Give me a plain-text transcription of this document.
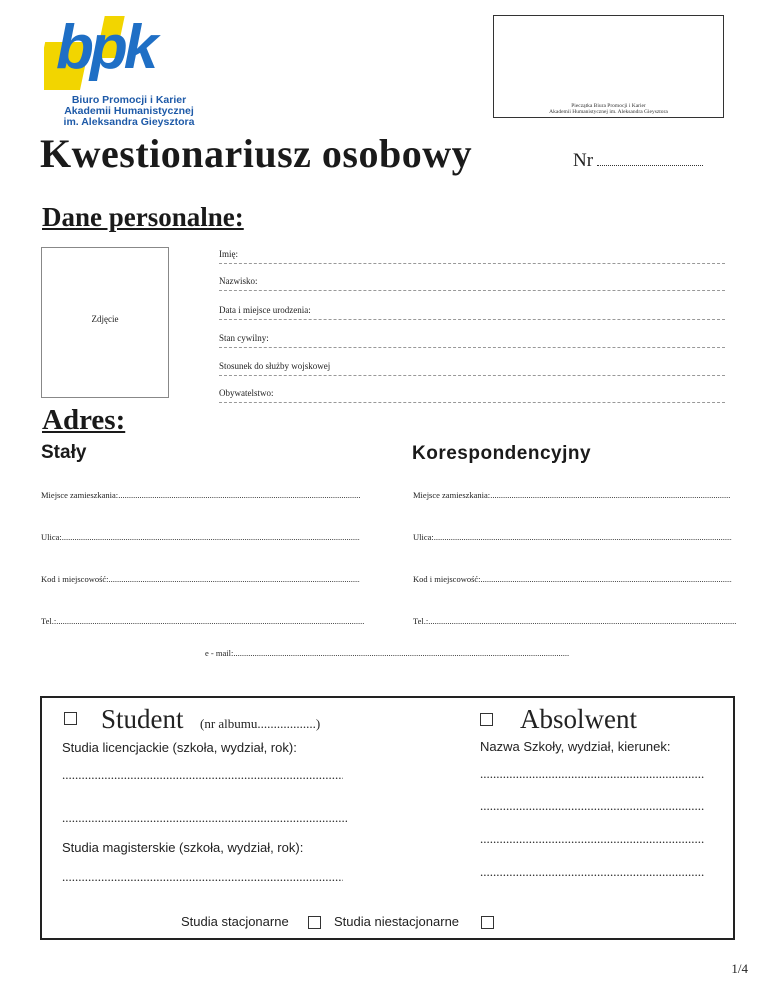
bpk
Biuro Promocji i Karier
Akademii Humanistycznej
im. Aleksandra Gieysztora
Pieczątka Biura Promocji i Karier
Akademii Humanistycznej im. Aleksandra Gieysztora
Kwestionariusz osobowy	Nr
Dane personalne:
Zdjęcie
Imię:
Nazwisko:
Data i miejsce urodzenia:
Stan cywilny:
Stosunek do służby wojskowej
Obywatelstwo:
Adres:
Stały	Korespondencyjny
Miejsce zamieszkania: .....
Ulica: .....
Kod i miejscowość: .....
Tel.: .....
Miejsce zamieszkania: .....
Ulica: .....
Kod i miejscowość: .....
Tel.: .....
e - mail: .....
Student (nr albumu..................)
Studia licencjackie (szkoła, wydział, rok):
.....
.....
Studia magisterskie (szkoła, wydział, rok):
.....
Absolwent
Nazwa Szkoły, wydział, kierunek:
.....
.....
.....
.....
Studia stacjonarne	Studia niestacjonarne
1/4
